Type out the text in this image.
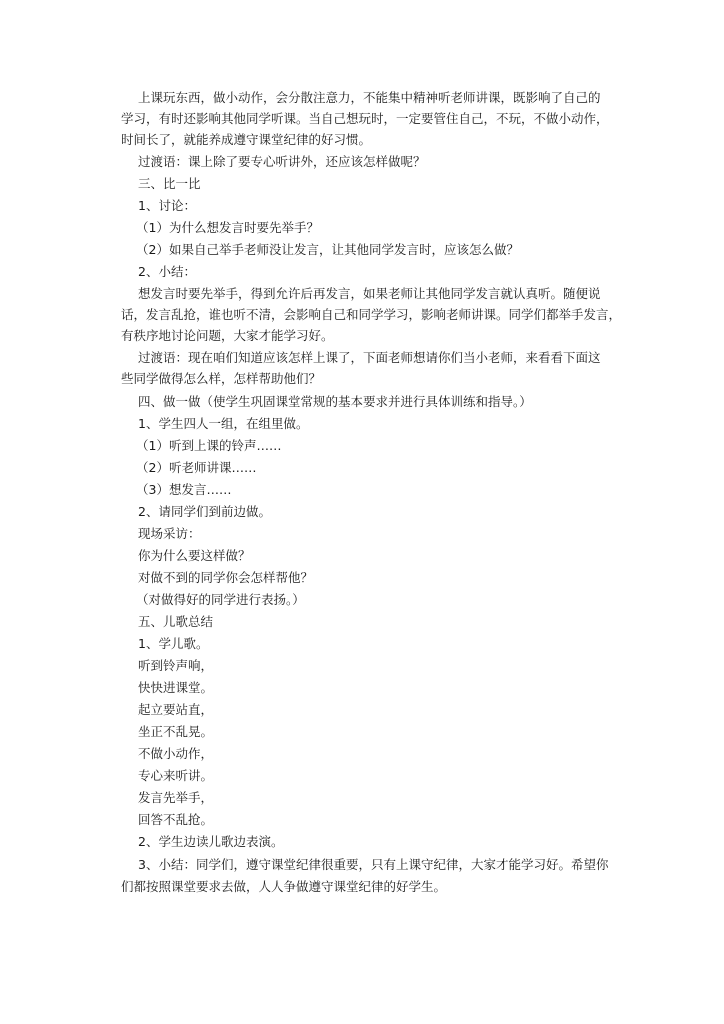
上课玩东西，做小动作，会分散注意力，不能集中精神听老师讲课，既影响了自己的
学习，有时还影响其他同学听课。当自己想玩时，一定要管住自己，不玩，不做小动作，
时间长了，就能养成遵守课堂纪律的好习惯。
过渡语：课上除了要专心听讲外，还应该怎样做呢？
三、比一比
1、讨论：
（1）为什么想发言时要先举手？
（2）如果自己举手老师没让发言，让其他同学发言时，应该怎么做？
2、小结：
想发言时要先举手，得到允许后再发言，如果老师让其他同学发言就认真听。随便说
话，发言乱抢，谁也听不清，会影响自己和同学学习，影响老师讲课。同学们都举手发言，
有秩序地讨论问题，大家才能学习好。
过渡语：现在咱们知道应该怎样上课了，下面老师想请你们当小老师，来看看下面这
些同学做得怎么样，怎样帮助他们？
四、做一做（使学生巩固课堂常规的基本要求并进行具体训练和指导。）
1、学生四人一组，在组里做。
（1）听到上课的铃声……
（2）听老师讲课……
（3）想发言……
2、请同学们到前边做。
现场采访：
你为什么要这样做？
对做不到的同学你会怎样帮他？
（对做得好的同学进行表扬。）
五、儿歌总结
1、学儿歌。
听到铃声响，
快快进课堂。
起立要站直，
坐正不乱晃。
不做小动作，
专心来听讲。
发言先举手，
回答不乱抢。
2、学生边读儿歌边表演。
3、小结：同学们，遵守课堂纪律很重要，只有上课守纪律，大家才能学习好。希望你
们都按照课堂要求去做，人人争做遵守课堂纪律的好学生。
